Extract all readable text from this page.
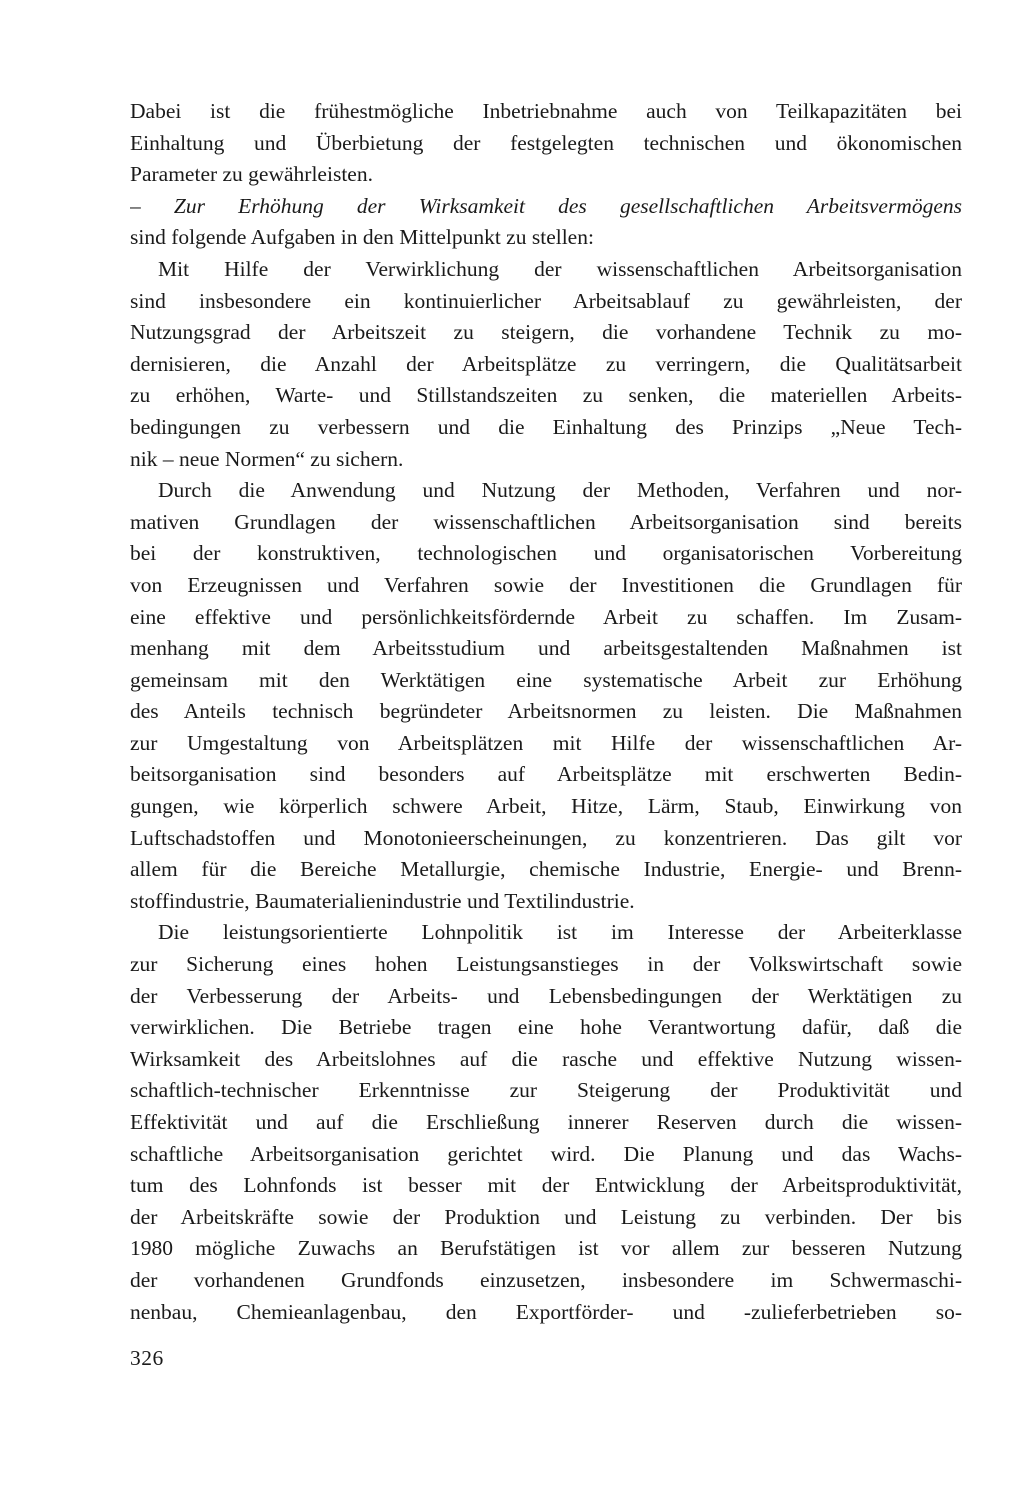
Dabei ist die frühestmögliche Inbetriebnahme auch von Teilkapazitäten bei
Einhaltung und Überbietung der festgelegten technischen und ökonomischen
Parameter zu gewährleisten.
– Zur Erhöhung der Wirksamkeit des gesellschaftlichen Arbeitsvermögens
sind folgende Aufgaben in den Mittelpunkt zu stellen:
Mit Hilfe der Verwirklichung der wissenschaftlichen Arbeitsorganisation
sind insbesondere ein kontinuierlicher Arbeitsablauf zu gewährleisten, der
Nutzungsgrad der Arbeitszeit zu steigern, die vorhandene Technik zu mo-
dernisieren, die Anzahl der Arbeitsplätze zu verringern, die Qualitätsarbeit
zu erhöhen, Warte- und Stillstandszeiten zu senken, die materiellen Arbeits-
bedingungen zu verbessern und die Einhaltung des Prinzips „Neue Tech-
nik – neue Normen“ zu sichern.
Durch die Anwendung und Nutzung der Methoden, Verfahren und nor-
mativen Grundlagen der wissenschaftlichen Arbeitsorganisation sind bereits
bei der konstruktiven, technologischen und organisatorischen Vorbereitung
von Erzeugnissen und Verfahren sowie der Investitionen die Grundlagen für
eine effektive und persönlichkeitsfördernde Arbeit zu schaffen. Im Zusam-
menhang mit dem Arbeitsstudium und arbeitsgestaltenden Maßnahmen ist
gemeinsam mit den Werktätigen eine systematische Arbeit zur Erhöhung
des Anteils technisch begründeter Arbeitsnormen zu leisten. Die Maßnahmen
zur Umgestaltung von Arbeitsplätzen mit Hilfe der wissenschaftlichen Ar-
beitsorganisation sind besonders auf Arbeitsplätze mit erschwerten Bedin-
gungen, wie körperlich schwere Arbeit, Hitze, Lärm, Staub, Einwirkung von
Luftschadstoffen und Monotonieerscheinungen, zu konzentrieren. Das gilt vor
allem für die Bereiche Metallurgie, chemische Industrie, Energie- und Brenn-
stoffindustrie, Baumaterialienindustrie und Textilindustrie.
Die leistungsorientierte Lohnpolitik ist im Interesse der Arbeiterklasse
zur Sicherung eines hohen Leistungsanstieges in der Volkswirtschaft sowie
der Verbesserung der Arbeits- und Lebensbedingungen der Werktätigen zu
verwirklichen. Die Betriebe tragen eine hohe Verantwortung dafür, daß die
Wirksamkeit des Arbeitslohnes auf die rasche und effektive Nutzung wissen-
schaftlich-technischer Erkenntnisse zur Steigerung der Produktivität und
Effektivität und auf die Erschließung innerer Reserven durch die wissen-
schaftliche Arbeitsorganisation gerichtet wird. Die Planung und das Wachs-
tum des Lohnfonds ist besser mit der Entwicklung der Arbeitsproduktivität,
der Arbeitskräfte sowie der Produktion und Leistung zu verbinden. Der bis
1980 mögliche Zuwachs an Berufstätigen ist vor allem zur besseren Nutzung
der vorhandenen Grundfonds einzusetzen, insbesondere im Schwermaschi-
nenbau, Chemieanlagenbau, den Exportförder- und -zulieferbetrieben so-
326
